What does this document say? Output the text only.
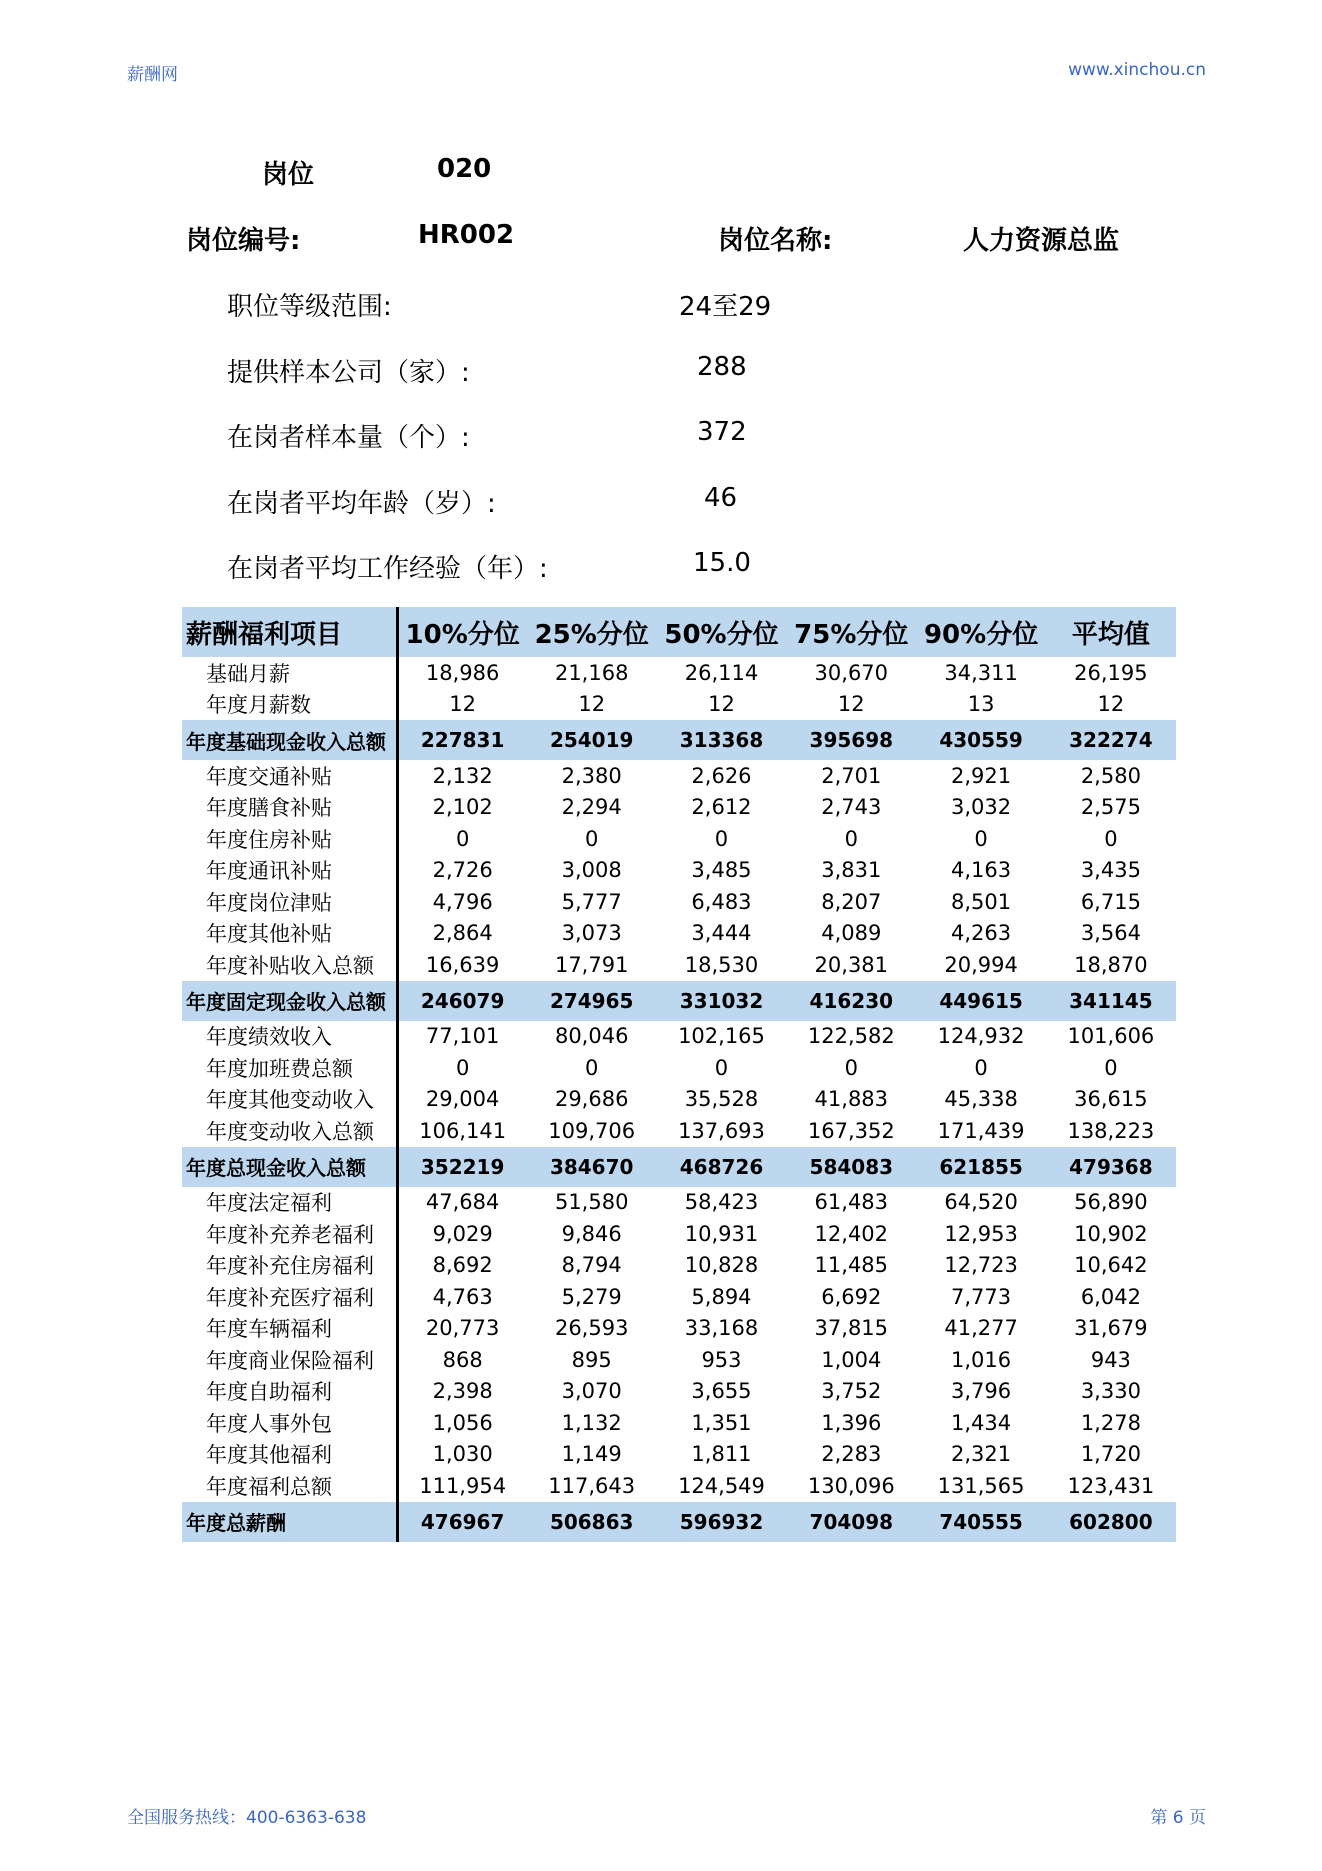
薪酬网	www.xinchou.cn
岗位	020
岗位编号:	HR002	岗位名称:	人力资源总监
职位等级范围:	24至29
提供样本公司（家）:	288
在岗者样本量（个）:	372
在岗者平均年龄（岁）:	46
在岗者平均工作经验（年）:	15.0
薪酬福利项目	10%分位	25%分位	50%分位	75%分位	90%分位	平均值
基础月薪	18,986	21,168	26,114	30,670	34,311	26,195
年度月薪数	12	12	12	12	13	12
年度基础现金收入总额	227831	254019	313368	395698	430559	322274
年度交通补贴	2,132	2,380	2,626	2,701	2,921	2,580
年度膳食补贴	2,102	2,294	2,612	2,743	3,032	2,575
年度住房补贴	0	0	0	0	0	0
年度通讯补贴	2,726	3,008	3,485	3,831	4,163	3,435
年度岗位津贴	4,796	5,777	6,483	8,207	8,501	6,715
年度其他补贴	2,864	3,073	3,444	4,089	4,263	3,564
年度补贴收入总额	16,639	17,791	18,530	20,381	20,994	18,870
年度固定现金收入总额	246079	274965	331032	416230	449615	341145
年度绩效收入	77,101	80,046	102,165	122,582	124,932	101,606
年度加班费总额	0	0	0	0	0	0
年度其他变动收入	29,004	29,686	35,528	41,883	45,338	36,615
年度变动收入总额	106,141	109,706	137,693	167,352	171,439	138,223
年度总现金收入总额	352219	384670	468726	584083	621855	479368
年度法定福利	47,684	51,580	58,423	61,483	64,520	56,890
年度补充养老福利	9,029	9,846	10,931	12,402	12,953	10,902
年度补充住房福利	8,692	8,794	10,828	11,485	12,723	10,642
年度补充医疗福利	4,763	5,279	5,894	6,692	7,773	6,042
年度车辆福利	20,773	26,593	33,168	37,815	41,277	31,679
年度商业保险福利	868	895	953	1,004	1,016	943
年度自助福利	2,398	3,070	3,655	3,752	3,796	3,330
年度人事外包	1,056	1,132	1,351	1,396	1,434	1,278
年度其他福利	1,030	1,149	1,811	2,283	2,321	1,720
年度福利总额	111,954	117,643	124,549	130,096	131,565	123,431
年度总薪酬	476967	506863	596932	704098	740555	602800
全国服务热线：400-6363-638	第 6 页
